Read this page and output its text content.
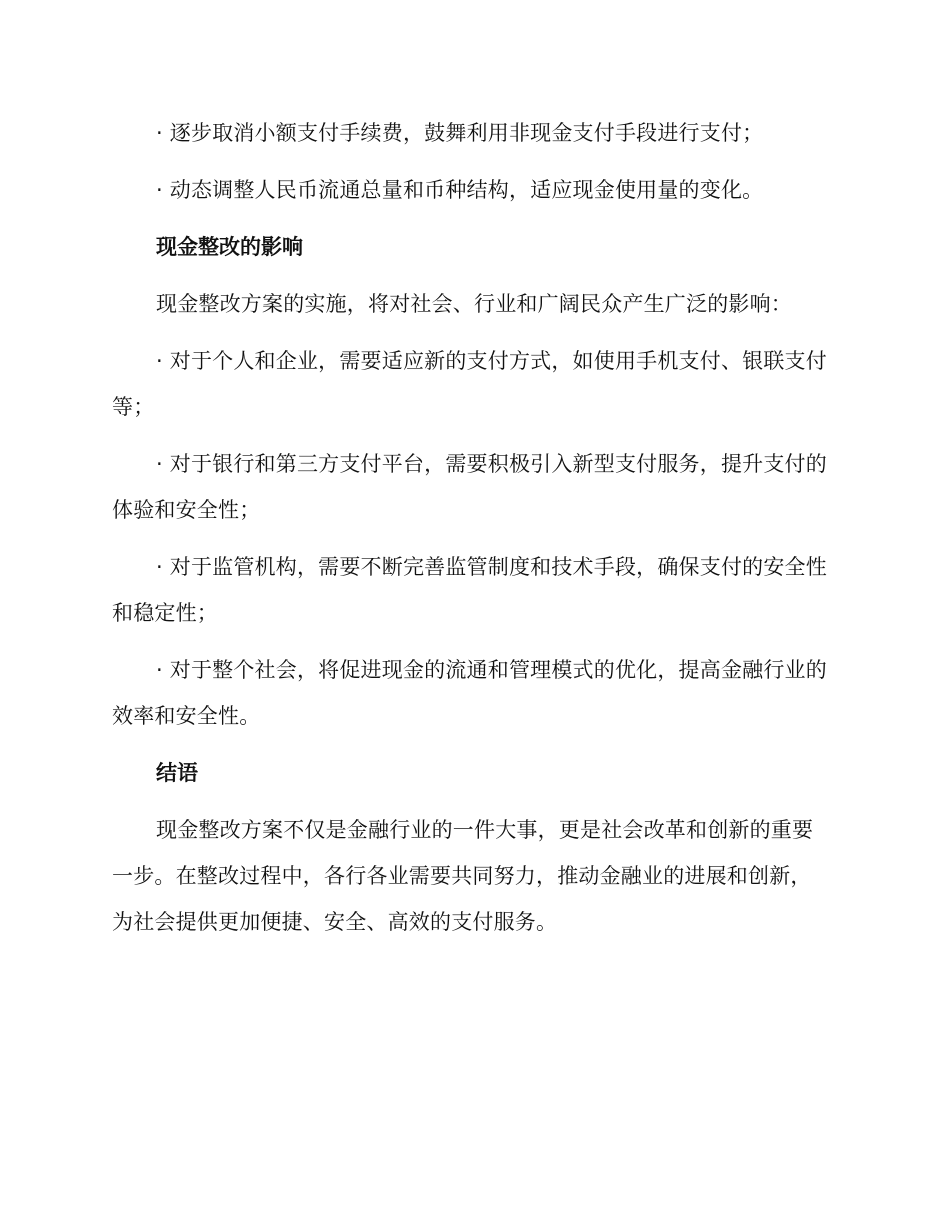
· 逐步取消小额支付手续费，鼓舞利用非现金支付手段进行支付；

· 动态调整人民币流通总量和币种结构，适应现金使用量的变化。

现金整改的影响

现金整改方案的实施，将对社会、行业和广阔民众产生广泛的影响：

· 对于个人和企业，需要适应新的支付方式，如使用手机支付、银联支付等；

· 对于银行和第三方支付平台，需要积极引入新型支付服务，提升支付的体验和安全性；

· 对于监管机构，需要不断完善监管制度和技术手段，确保支付的安全性和稳定性；

· 对于整个社会，将促进现金的流通和管理模式的优化，提高金融行业的效率和安全性。

结语

现金整改方案不仅是金融行业的一件大事，更是社会改革和创新的重要一步。在整改过程中，各行各业需要共同努力，推动金融业的进展和创新，为社会提供更加便捷、安全、高效的支付服务。
